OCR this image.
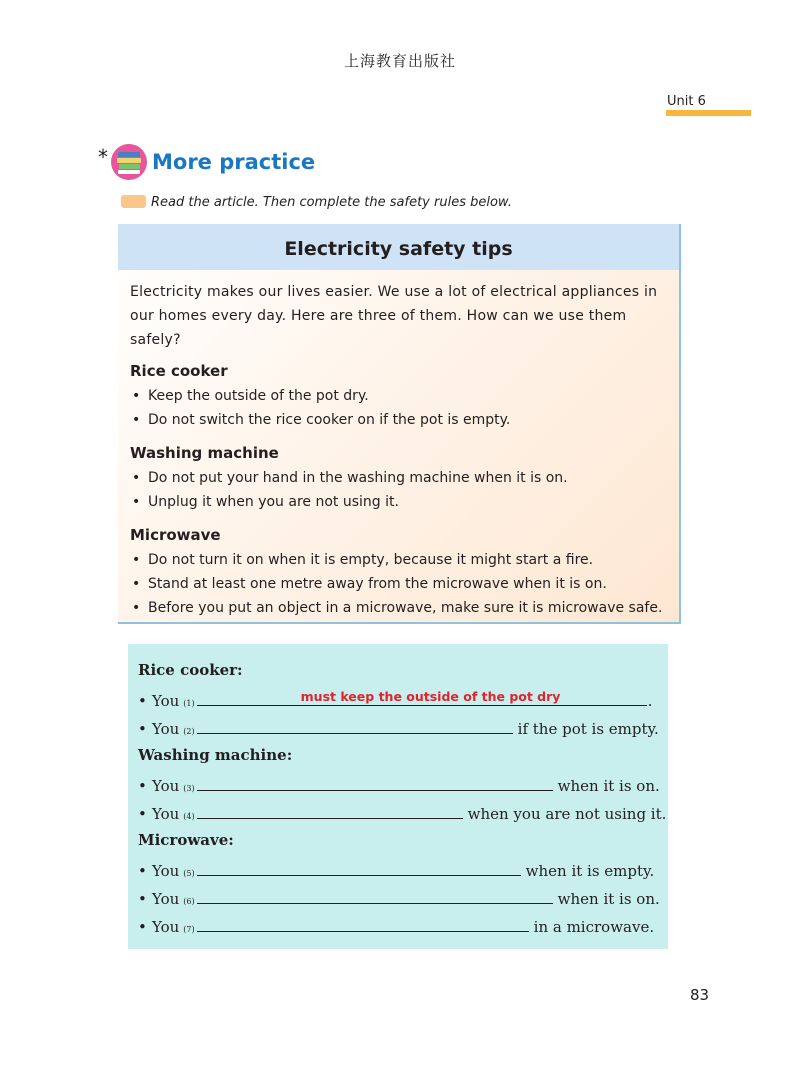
上海教育出版社
Unit 6
* More practice
Read the article. Then complete the safety rules below.
Electricity safety tips

Electricity makes our lives easier. We use a lot of electrical appliances in our homes every day. Here are three of them. How can we use them safely?

Rice cooker

• Keep the outside of the pot dry.
• Do not switch the rice cooker on if the pot is empty.

Washing machine

• Do not put your hand in the washing machine when it is on.
• Unplug it when you are not using it.

Microwave

• Do not turn it on when it is empty, because it might start a fire.
• Stand at least one metre away from the microwave when it is on.
• Before you put an object in a microwave, make sure it is microwave safe.
Rice cooker:
• You (1)	must keep the outside of the pot dry	.
• You (2)	if the pot is empty.
Washing machine:
• You (3)	when it is on.
• You (4)	when you are not using it.
Microwave:
• You (5)	when it is empty.
• You (6)	when it is on.
• You (7)	in a microwave.
83
